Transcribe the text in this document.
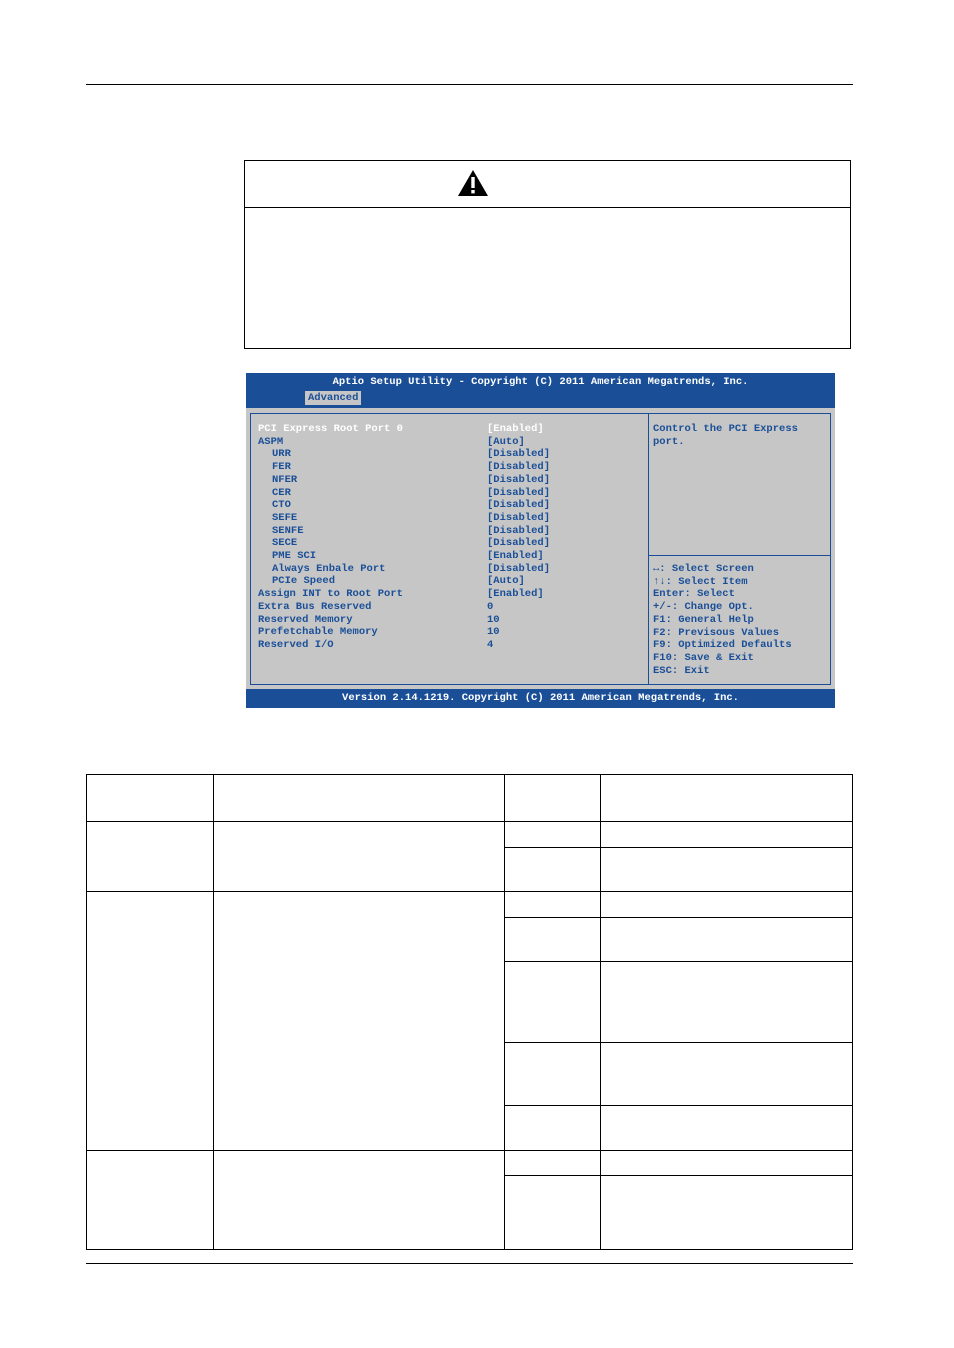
Aptio Setup Utility - Copyright (C) 2011 American Megatrends, Inc.
Advanced
PCI Express Root Port 0	[Enabled]
ASPM	[Auto]
URR	[Disabled]
FER	[Disabled]
NFER	[Disabled]
CER	[Disabled]
CTO	[Disabled]
SEFE	[Disabled]
SENFE	[Disabled]
SECE	[Disabled]
PME SCI	[Enabled]
Always Enbale Port	[Disabled]
PCIe Speed	[Auto]
Assign INT to Root Port	[Enabled]
Extra Bus Reserved	0
Reserved Memory	10
Prefetchable Memory	10
Reserved I/O	4
Control the PCI Express port.
↔: Select Screen
↑↓: Select Item
Enter: Select
+/-: Change Opt.
F1: General Help
F2: Previsous Values
F9: Optimized Defaults
F10: Save & Exit
ESC: Exit
Version 2.14.1219. Copyright (C) 2011 American Megatrends, Inc.
